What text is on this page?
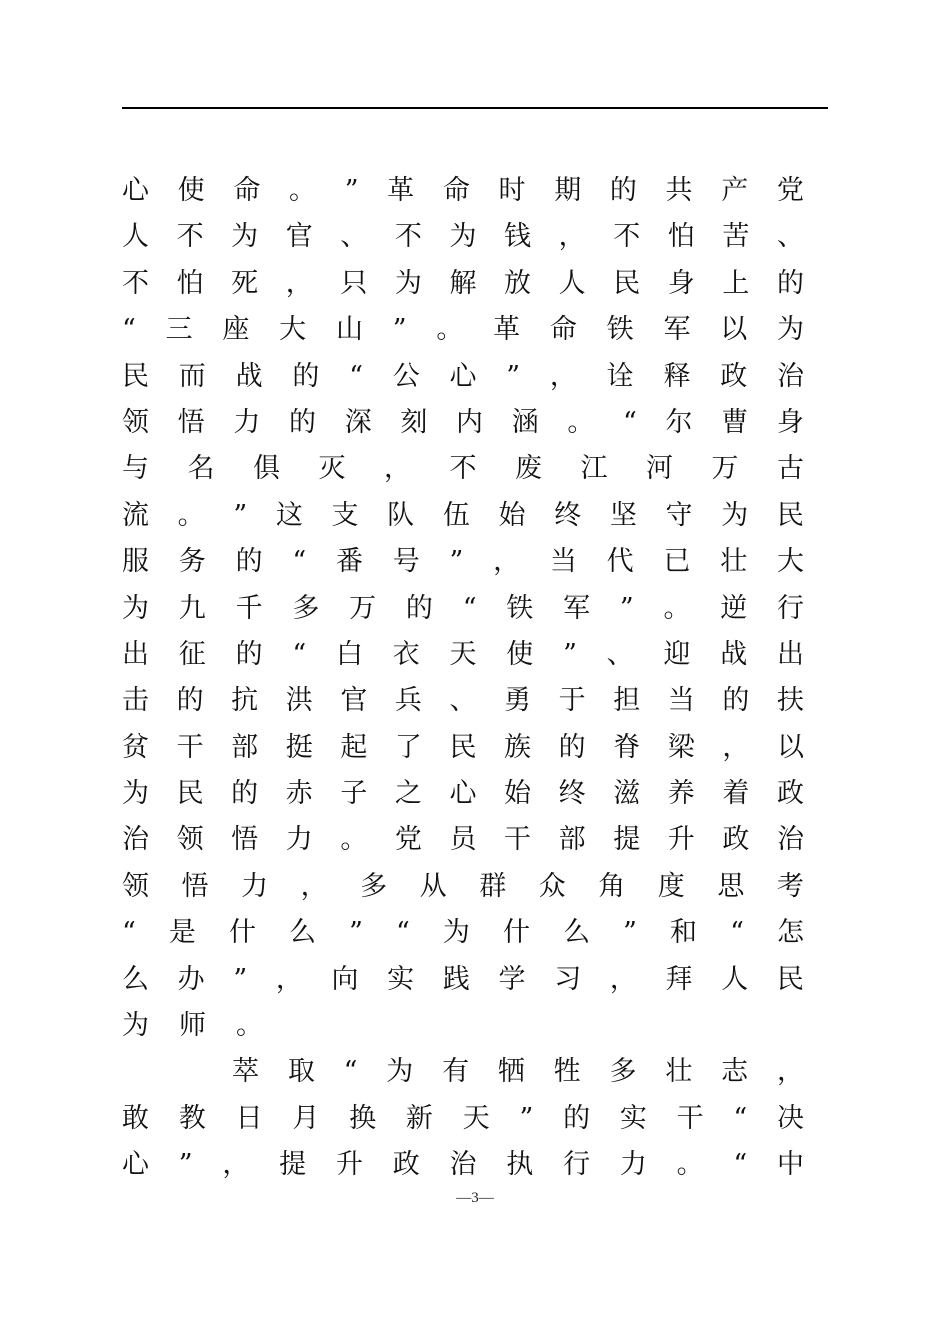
心 使 命 。 ” 革 命 时 期 的 共 产 党
人 不 为 官 、 不 为 钱 ， 不 怕 苦 、
不 怕 死 ， 只 为 解 放 人 民 身 上 的
“ 三 座 大 山 ” 。 革 命 铁 军 以 为
民 而 战 的 “ 公 心 ” ， 诠 释 政 治
领 悟 力 的 深 刻 内 涵 。 “ 尔 曹 身
与 名 俱 灭 ， 不 废 江 河 万 古
流 。 ” 这 支 队 伍 始 终 坚 守 为 民
服 务 的 “ 番 号 ” ， 当 代 已 壮 大
为 九 千 多 万 的 “ 铁 军 ” 。 逆 行
出 征 的 “ 白 衣 天 使 ” 、 迎 战 出
击 的 抗 洪 官 兵 、 勇 于 担 当 的 扶
贫 干 部 挺 起 了 民 族 的 脊 梁 ， 以
为 民 的 赤 子 之 心 始 终 滋 养 着 政
治 领 悟 力 。 党 员 干 部 提 升 政 治
领 悟 力 ， 多 从 群 众 角 度 思 考
“ 是 什 么 ” “ 为 什 么 ” 和 “ 怎
么 办 ” ， 向 实 践 学 习 ， 拜 人 民
为师。
萃 取 “ 为 有 牺 牲 多 壮 志 ，
敢 教 日 月 换 新 天 ” 的 实 干 “ 决
心 ” ， 提 升 政 治 执 行 力 。 “ 中
—3—
